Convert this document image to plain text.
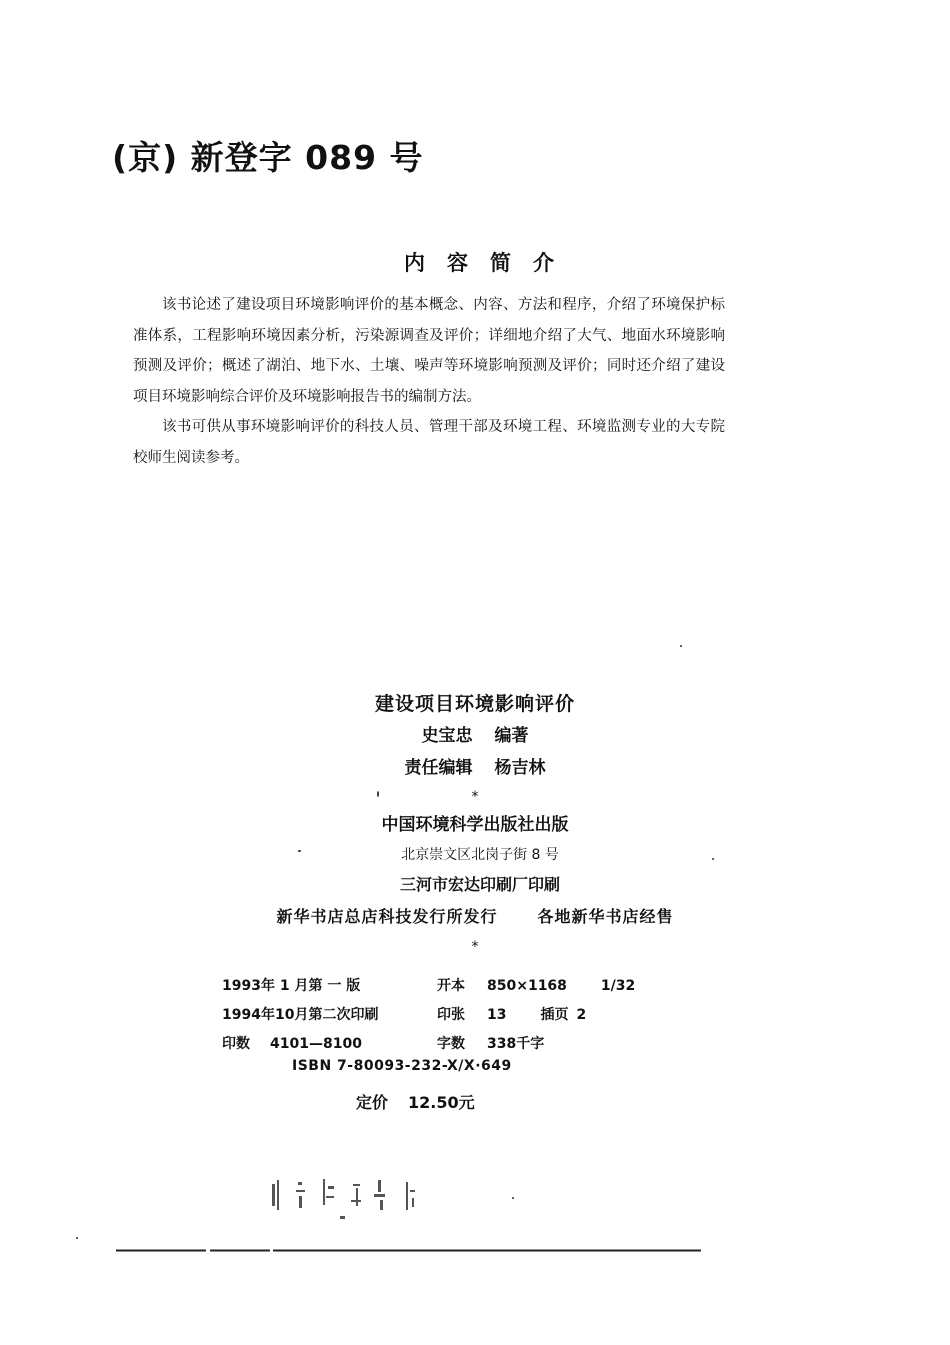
(京) 新登字 089 号
内容简介

该书论述了建设项目环境影响评价的基本概念、内容、方法和程序，介绍了环境保护标准体系，工程影响环境因素分析，污染源调查及评价；详细地介绍了大气、地面水环境影响预测及评价；概述了湖泊、地下水、土壤、噪声等环境影响预测及评价；同时还介绍了建设项目环境影响综合评价及环境影响报告书的编制方法。

该书可供从事环境影响评价的科技人员、管理干部及环境工程、环境监测专业的大专院校师生阅读参考。

建设项目环境影响评价
史宝忠 编著
责任编辑 杨吉林
*
中国环境科学出版社出版
北京崇文区北岗子街 8 号
三河市宏达印刷厂印刷
新华书店总店科技发行所发行	各地新华书店经售
*
1993年 1 月第 一 版	开本 850×1168 1/32
1994年10月第二次印刷	印张 13 插页 2
印数 4101—8100	字数 338千字
ISBN 7-80093-232-X/X·649
定价 12.50元
